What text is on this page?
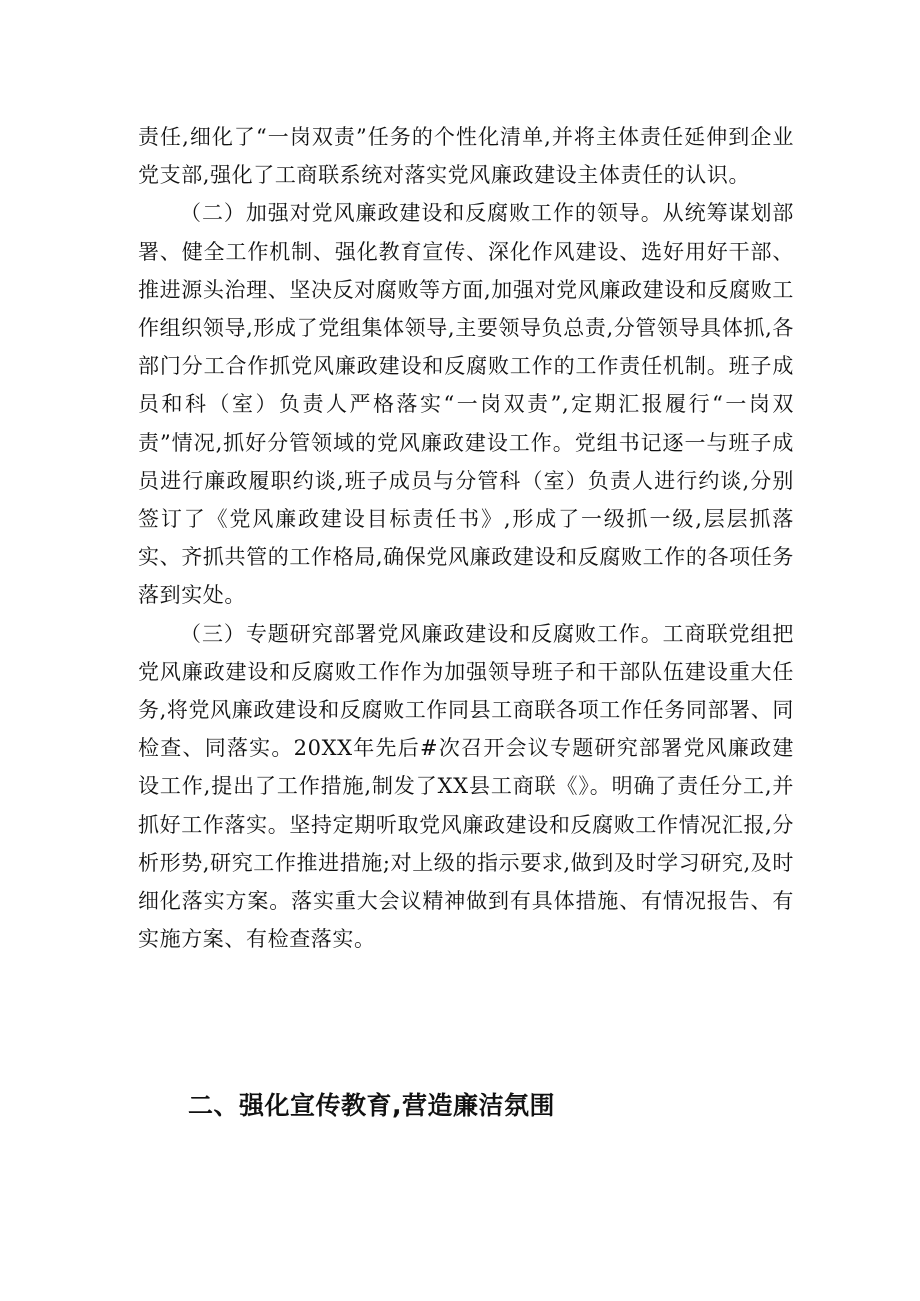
责任,细化了“一岗双责”任务的个性化清单,并将主体责任延伸到企业党支部,强化了工商联系统对落实党风廉政建设主体责任的认识。

（二）加强对党风廉政建设和反腐败工作的领导。从统筹谋划部署、健全工作机制、强化教育宣传、深化作风建设、选好用好干部、推进源头治理、坚决反对腐败等方面,加强对党风廉政建设和反腐败工作组织领导,形成了党组集体领导,主要领导负总责,分管领导具体抓,各部门分工合作抓党风廉政建设和反腐败工作的工作责任机制。班子成员和科（室）负责人严格落实“一岗双责”,定期汇报履行“一岗双责”情况,抓好分管领域的党风廉政建设工作。党组书记逐一与班子成员进行廉政履职约谈,班子成员与分管科（室）负责人进行约谈,分别签订了《党风廉政建设目标责任书》,形成了一级抓一级,层层抓落实、齐抓共管的工作格局,确保党风廉政建设和反腐败工作的各项任务落到实处。

（三）专题研究部署党风廉政建设和反腐败工作。工商联党组把党风廉政建设和反腐败工作作为加强领导班子和干部队伍建设重大任务,将党风廉政建设和反腐败工作同县工商联各项工作任务同部署、同检查、同落实。20XX年先后#次召开会议专题研究部署党风廉政建设工作,提出了工作措施,制发了XX县工商联《》。明确了责任分工,并抓好工作落实。坚持定期听取党风廉政建设和反腐败工作情况汇报,分析形势,研究工作推进措施;对上级的指示要求,做到及时学习研究,及时细化落实方案。落实重大会议精神做到有具体措施、有情况报告、有实施方案、有检查落实。

二、强化宣传教育,营造廉洁氛围
